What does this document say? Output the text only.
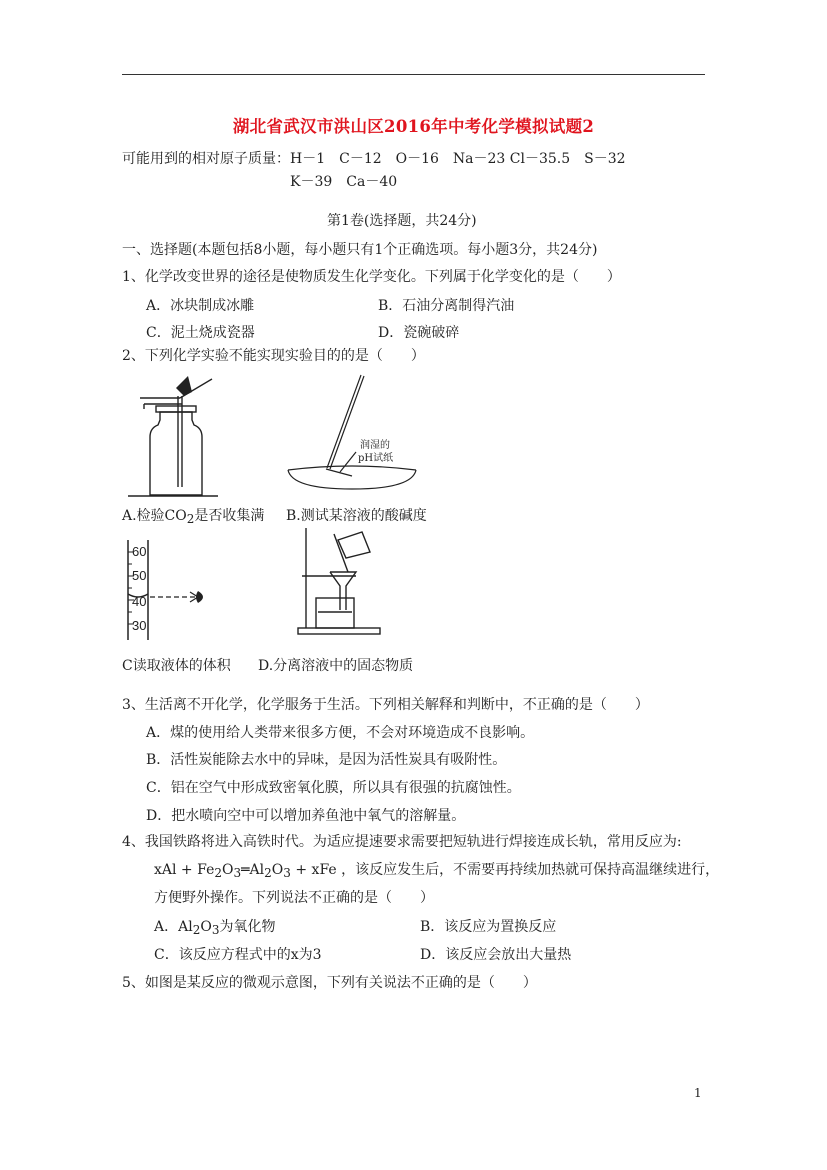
湖北省武汉市洪山区2016年中考化学模拟试题2
可能用到的相对原子质量：H－1　C－12　O－16　Na－23 Cl－35.5　S－32
K－39　Ca－40
第1卷(选择题，共24分)
一、选择题(本题包括8小题，每小题只有1个正确选项。每小题3分，共24分)
1、化学改变世界的途径是使物质发生化学变化。下列属于化学变化的是（　　）
A．冰块制成冰雕	B．石油分离制得汽油
C．泥土烧成瓷器	D．瓷碗破碎
2、下列化学实验不能实现实验目的的是（　　）
润湿的
pH试纸
A.检验CO2是否收集满 B.测试某溶液的酸碱度
60
50
40
30
C读取液体的体积 D.分离溶液中的固态物质
3、生活离不开化学，化学服务于生活。下列相关解释和判断中，不正确的是（　　）
A．煤的使用给人类带来很多方便，不会对环境造成不良影响。
B．活性炭能除去水中的异味，是因为活性炭具有吸附性。
C．铝在空气中形成致密氧化膜，所以具有很强的抗腐蚀性。
D．把水喷向空中可以增加养鱼池中氧气的溶解量。
4、我国铁路将进入高铁时代。为适应提速要求需要把短轨进行焊接连成长轨，常用反应为:
xAl + Fe2O3═Al2O3 + xFe ，该反应发生后，不需要再持续加热就可保持高温继续进行，
方便野外操作。下列说法不正确的是（　　）
A．Al2O3为氧化物	B．该反应为置换反应
C．该反应方程式中的x为3	D．该反应会放出大量热
5、如图是某反应的微观示意图，下列有关说法不正确的是（　　）
1
